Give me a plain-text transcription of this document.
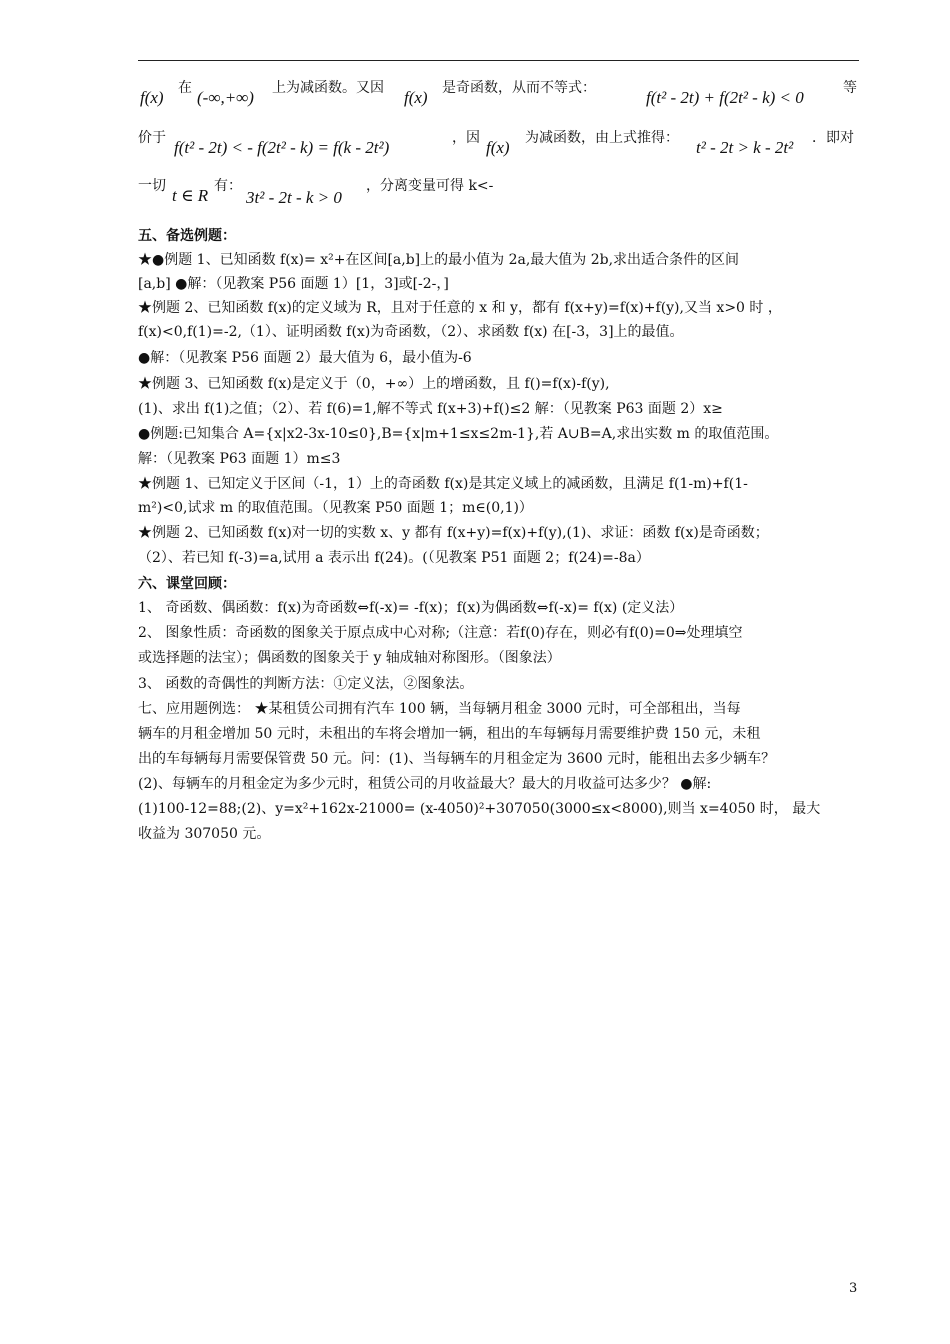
f(x) 在 (-∞,+∞) 上为减函数。又因 f(x) 是奇函数，从而不等式：	f(t² - 2t) + f(2t² - k) < 0	等
价于 f(t² - 2t) < - f(2t² - k) = f(k - 2t²)	，因 f(x) 为减函数，由上式推得： t² - 2t > k - 2t² ．即对
一切 t ∈ R 有：
3t² - 2t - k > 0
，分离变量可得 k<-
五、备选例题：
★●例题 1、已知函数 f(x)= x²+在区间[a,b]上的最小值为 2a,最大值为 2b,求出适合条件的区间
[a,b] ●解：（见教案 P56 面题 1）[1，3]或[-2-，]
★例题 2、已知函数 f(x)的定义域为 R，且对于任意的 x 和 y，都有 f(x+y)=f(x)+f(y),又当 x>0 时 ，
f(x)<0,f(1)=-2,（1）、证明函数 f(x)为奇函数，（2）、求函数 f(x) 在[-3，3]上的最值。
●解：（见教案 P56 面题 2）最大值为 6，最小值为-6
★例题 3、已知函数 f(x)是定义于（0，+∞）上的增函数，且 f()=f(x)-f(y),
(1)、求出 f(1)之值；（2）、若 f(6)=1,解不等式 f(x+3)+f()≤2 解：（见教案 P63 面题 2）x≥
●例题:已知集合 A={x|x2-3x-10≤0},B={x|m+1≤x≤2m-1},若 A∪B=A,求出实数 m 的取值范围。
解：（见教案 P63 面题 1）m≤3
★例题 1、已知定义于区间（-1，1）上的奇函数 f(x)是其定义域上的减函数，且满足 f(1-m)+f(1-
m²)<0,试求 m 的取值范围。（见教案 P50 面题 1；m∈(0,1)）
★例题 2、已知函数 f(x)对一切的实数 x、y 都有 f(x+y)=f(x)+f(y),(1)、求证：函数 f(x)是奇函数；
（2）、若已知 f(-3)=a,试用 a 表示出 f(24)。(（见教案 P51 面题 2；f(24)=-8a）
六、课堂回顾：
1、 奇函数、偶函数：f(x)为奇函数⇔f(-x)= -f(x)；f(x)为偶函数⇔f(-x)= f(x) (定义法）
2、 图象性质：奇函数的图象关于原点成中心对称;（注意：若f(0)存在，则必有f(0)=0⇒处理填空
或选择题的法宝）；偶函数的图象关于 y 轴成轴对称图形。（图象法）
3、 函数的奇偶性的判断方法：①定义法，②图象法。
七、应用题例选： ★某租赁公司拥有汽车 100 辆，当每辆月租金 3000 元时，可全部租出，当每
辆车的月租金增加 50 元时，未租出的车将会增加一辆，租出的车每辆每月需要维护费 150 元，未租
出的车每辆每月需要保管费 50 元。问：(1)、当每辆车的月租金定为 3600 元时，能租出去多少辆车？
(2)、每辆车的月租金定为多少元时，租赁公司的月收益最大？最大的月收益可达多少？ ●解:
(1)100-12=88;(2)、y=x²+162x-21000= (x-4050)²+307050(3000≤x<8000),则当 x=4050 时， 最大
收益为 307050 元。
3
